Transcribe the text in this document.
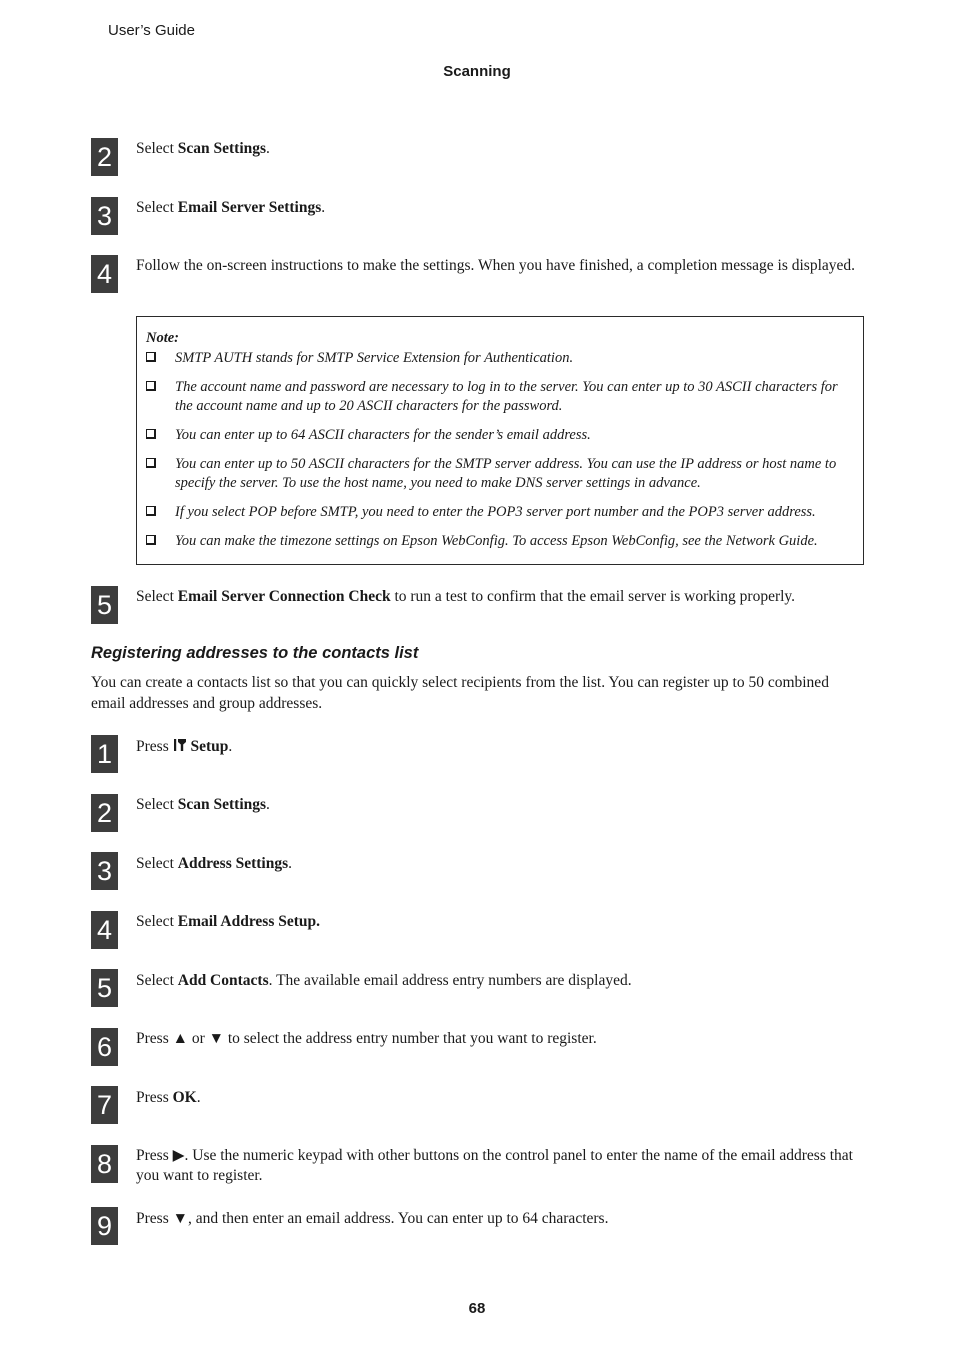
User’s Guide
Scanning
2	Select Scan Settings.
3	Select Email Server Settings.
4	Follow the on-screen instructions to make the settings. When you have finished, a completion message is displayed.
Note:
SMTP AUTH stands for SMTP Service Extension for Authentication.
The account name and password are necessary to log in to the server. You can enter up to 30 ASCII characters for the account name and up to 20 ASCII characters for the password.
You can enter up to 64 ASCII characters for the sender’s email address.
You can enter up to 50 ASCII characters for the SMTP server address. You can use the IP address or host name to specify the server. To use the host name, you need to make DNS server settings in advance.
If you select POP before SMTP, you need to enter the POP3 server port number and the POP3 server address.
You can make the timezone settings on Epson WebConfig. To access Epson WebConfig, see the Network Guide.
5	Select Email Server Connection Check to run a test to confirm that the email server is working properly.
Registering addresses to the contacts list
You can create a contacts list so that you can quickly select recipients from the list. You can register up to 50 combined email addresses and group addresses.
1	Press  Setup.
2	Select Scan Settings.
3	Select Address Settings.
4	Select Email Address Setup.
5	Select Add Contacts. The available email address entry numbers are displayed.
6	Press ▲ or ▼ to select the address entry number that you want to register.
7	Press OK.
8	Press ▶. Use the numeric keypad with other buttons on the control panel to enter the name of the email address that you want to register.
9	Press ▼, and then enter an email address. You can enter up to 64 characters.
68
